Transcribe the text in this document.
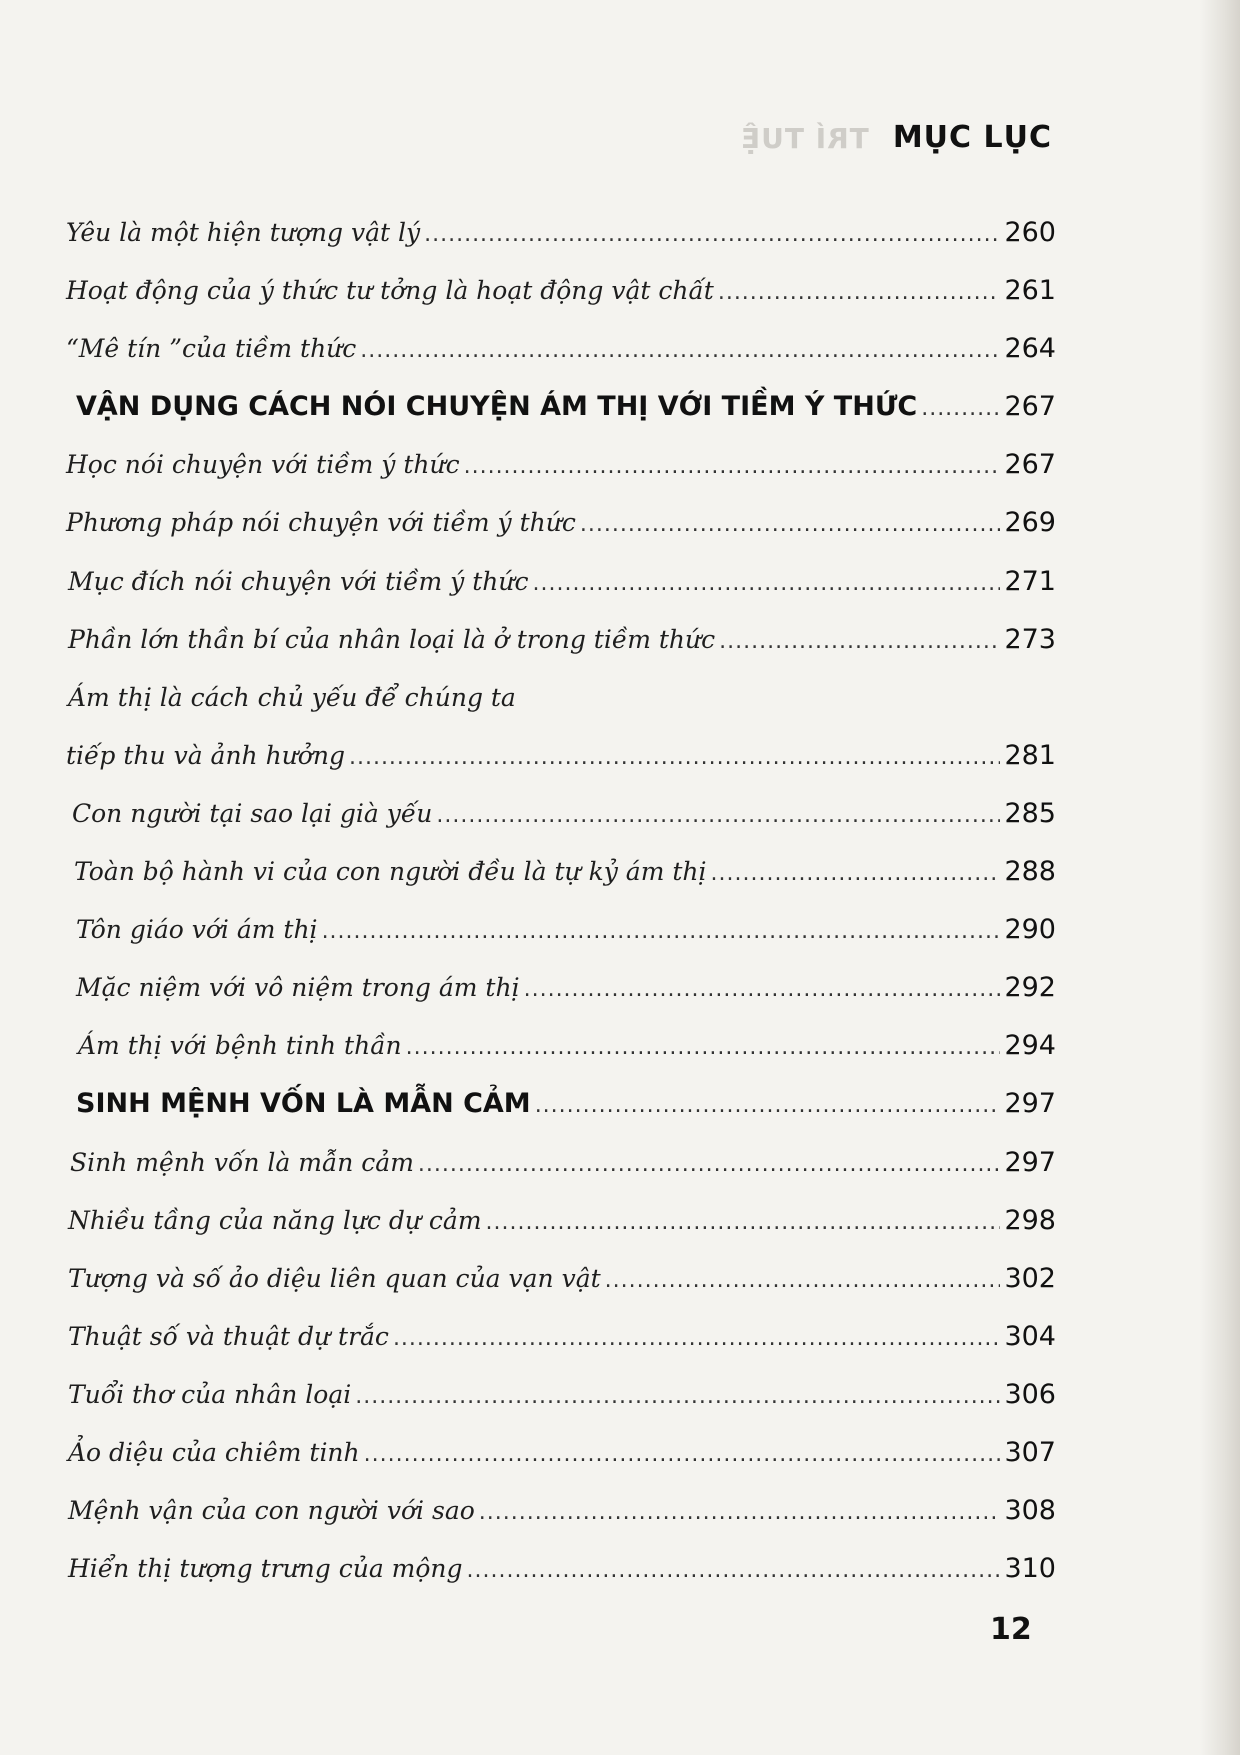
TRÍ TUỆ MỤC LỤC
Yêu là một hiện tượng vật lý .....	260
Hoạt động của ý thức tư tởng là hoạt động vật chất .....	261
“Mê tín ”của tiềm thức .....	264
VẬN DỤNG CÁCH NÓI CHUYỆN ÁM THỊ VỚI TIỀM Ý THỨC .....	267
Học nói chuyện với tiềm ý thức .....	267
Phương pháp nói chuyện với tiềm ý thức .....	269
Mục đích nói chuyện với tiềm ý thức .....	271
Phần lớn thần bí của nhân loại là ở trong tiềm thức .....	273
Ám thị là cách chủ yếu để chúng ta
tiếp thu và ảnh hưởng .....	281
Con người tại sao lại già yếu .....	285
Toàn bộ hành vi của con người đều là tự kỷ ám thị .....	288
Tôn giáo với ám thị .....	290
Mặc niệm với vô niệm trong ám thị .....	292
Ám thị với bệnh tinh thần .....	294
SINH MỆNH VỐN LÀ MẪN CẢM .....	297
Sinh mệnh vốn là mẫn cảm .....	297
Nhiều tầng của năng lực dự cảm .....	298
Tượng và số ảo diệu liên quan của vạn vật .....	302
Thuật số và thuật dự trắc .....	304
Tuổi thơ của nhân loại .....	306
Ảo diệu của chiêm tinh .....	307
Mệnh vận của con người với sao .....	308
Hiển thị tượng trưng của mộng .....	310
12
